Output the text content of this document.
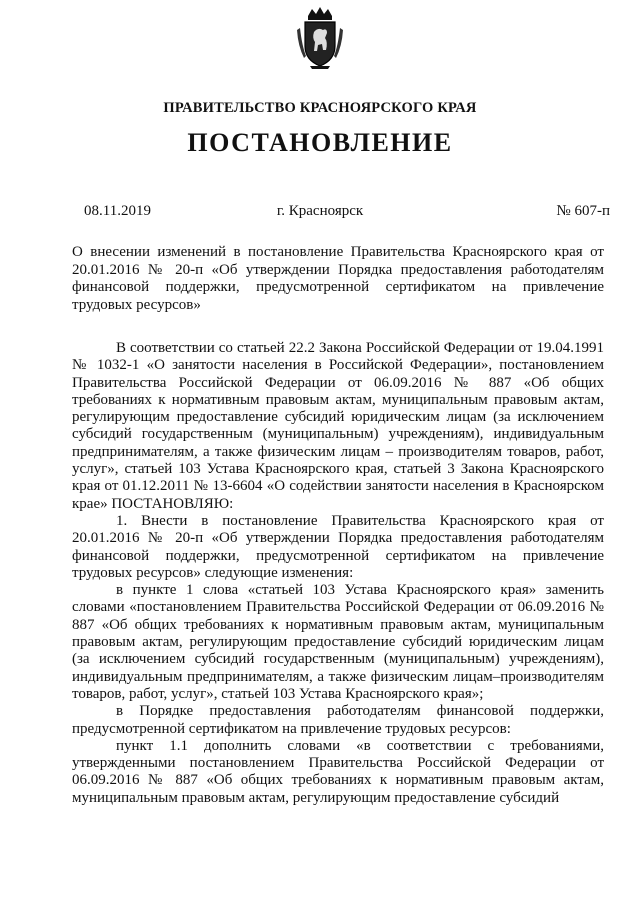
ПРАВИТЕЛЬСТВО КРАСНОЯРСКОГО КРАЯ
ПОСТАНОВЛЕНИЕ
08.11.2019	г. Красноярск	№ 607-п

О внесении изменений в постановление Правительства Красноярского края от 20.01.2016 № 20-п «Об утверждении Порядка предоставления работодателям финансовой поддержки, предусмотренной сертификатом на привлечение трудовых ресурсов»

В соответствии со статьей 22.2 Закона Российской Федерации от 19.04.1991 № 1032-1 «О занятости населения в Российской Федерации», постановлением Правительства Российской Федерации от 06.09.2016 № 887 «Об общих требованиях к нормативным правовым актам, муниципальным правовым актам, регулирующим предоставление субсидий юридическим лицам (за исключением субсидий государственным (муниципальным) учреждениям), индивидуальным предпринимателям, а также физическим лицам – производителям товаров, работ, услуг», статьей 103 Устава Красноярского края, статьей 3 Закона Красноярского края от 01.12.2011 № 13-6604 «О содействии занятости населения в Красноярском крае» ПОСТАНОВЛЯЮ:

1. Внести в постановление Правительства Красноярского края от 20.01.2016 № 20-п «Об утверждении Порядка предоставления работодателям финансовой поддержки, предусмотренной сертификатом на привлечение трудовых ресурсов» следующие изменения:

в пункте 1 слова «статьей 103 Устава Красноярского края» заменить словами «постановлением Правительства Российской Федерации от 06.09.2016 № 887 «Об общих требованиях к нормативным правовым актам, муниципальным правовым актам, регулирующим предоставление субсидий юридическим лицам (за исключением субсидий государственным (муниципальным) учреждениям), индивидуальным предпринимателям, а также физическим лицам–производителям товаров, работ, услуг», статьей 103 Устава Красноярского края»;

в Порядке предоставления работодателям финансовой поддержки, предусмотренной сертификатом на привлечение трудовых ресурсов:

пункт 1.1 дополнить словами «в соответствии с требованиями, утвержденными постановлением Правительства Российской Федерации от 06.09.2016 № 887 «Об общих требованиях к нормативным правовым актам, муниципальным правовым актам, регулирующим предоставление субсидий
